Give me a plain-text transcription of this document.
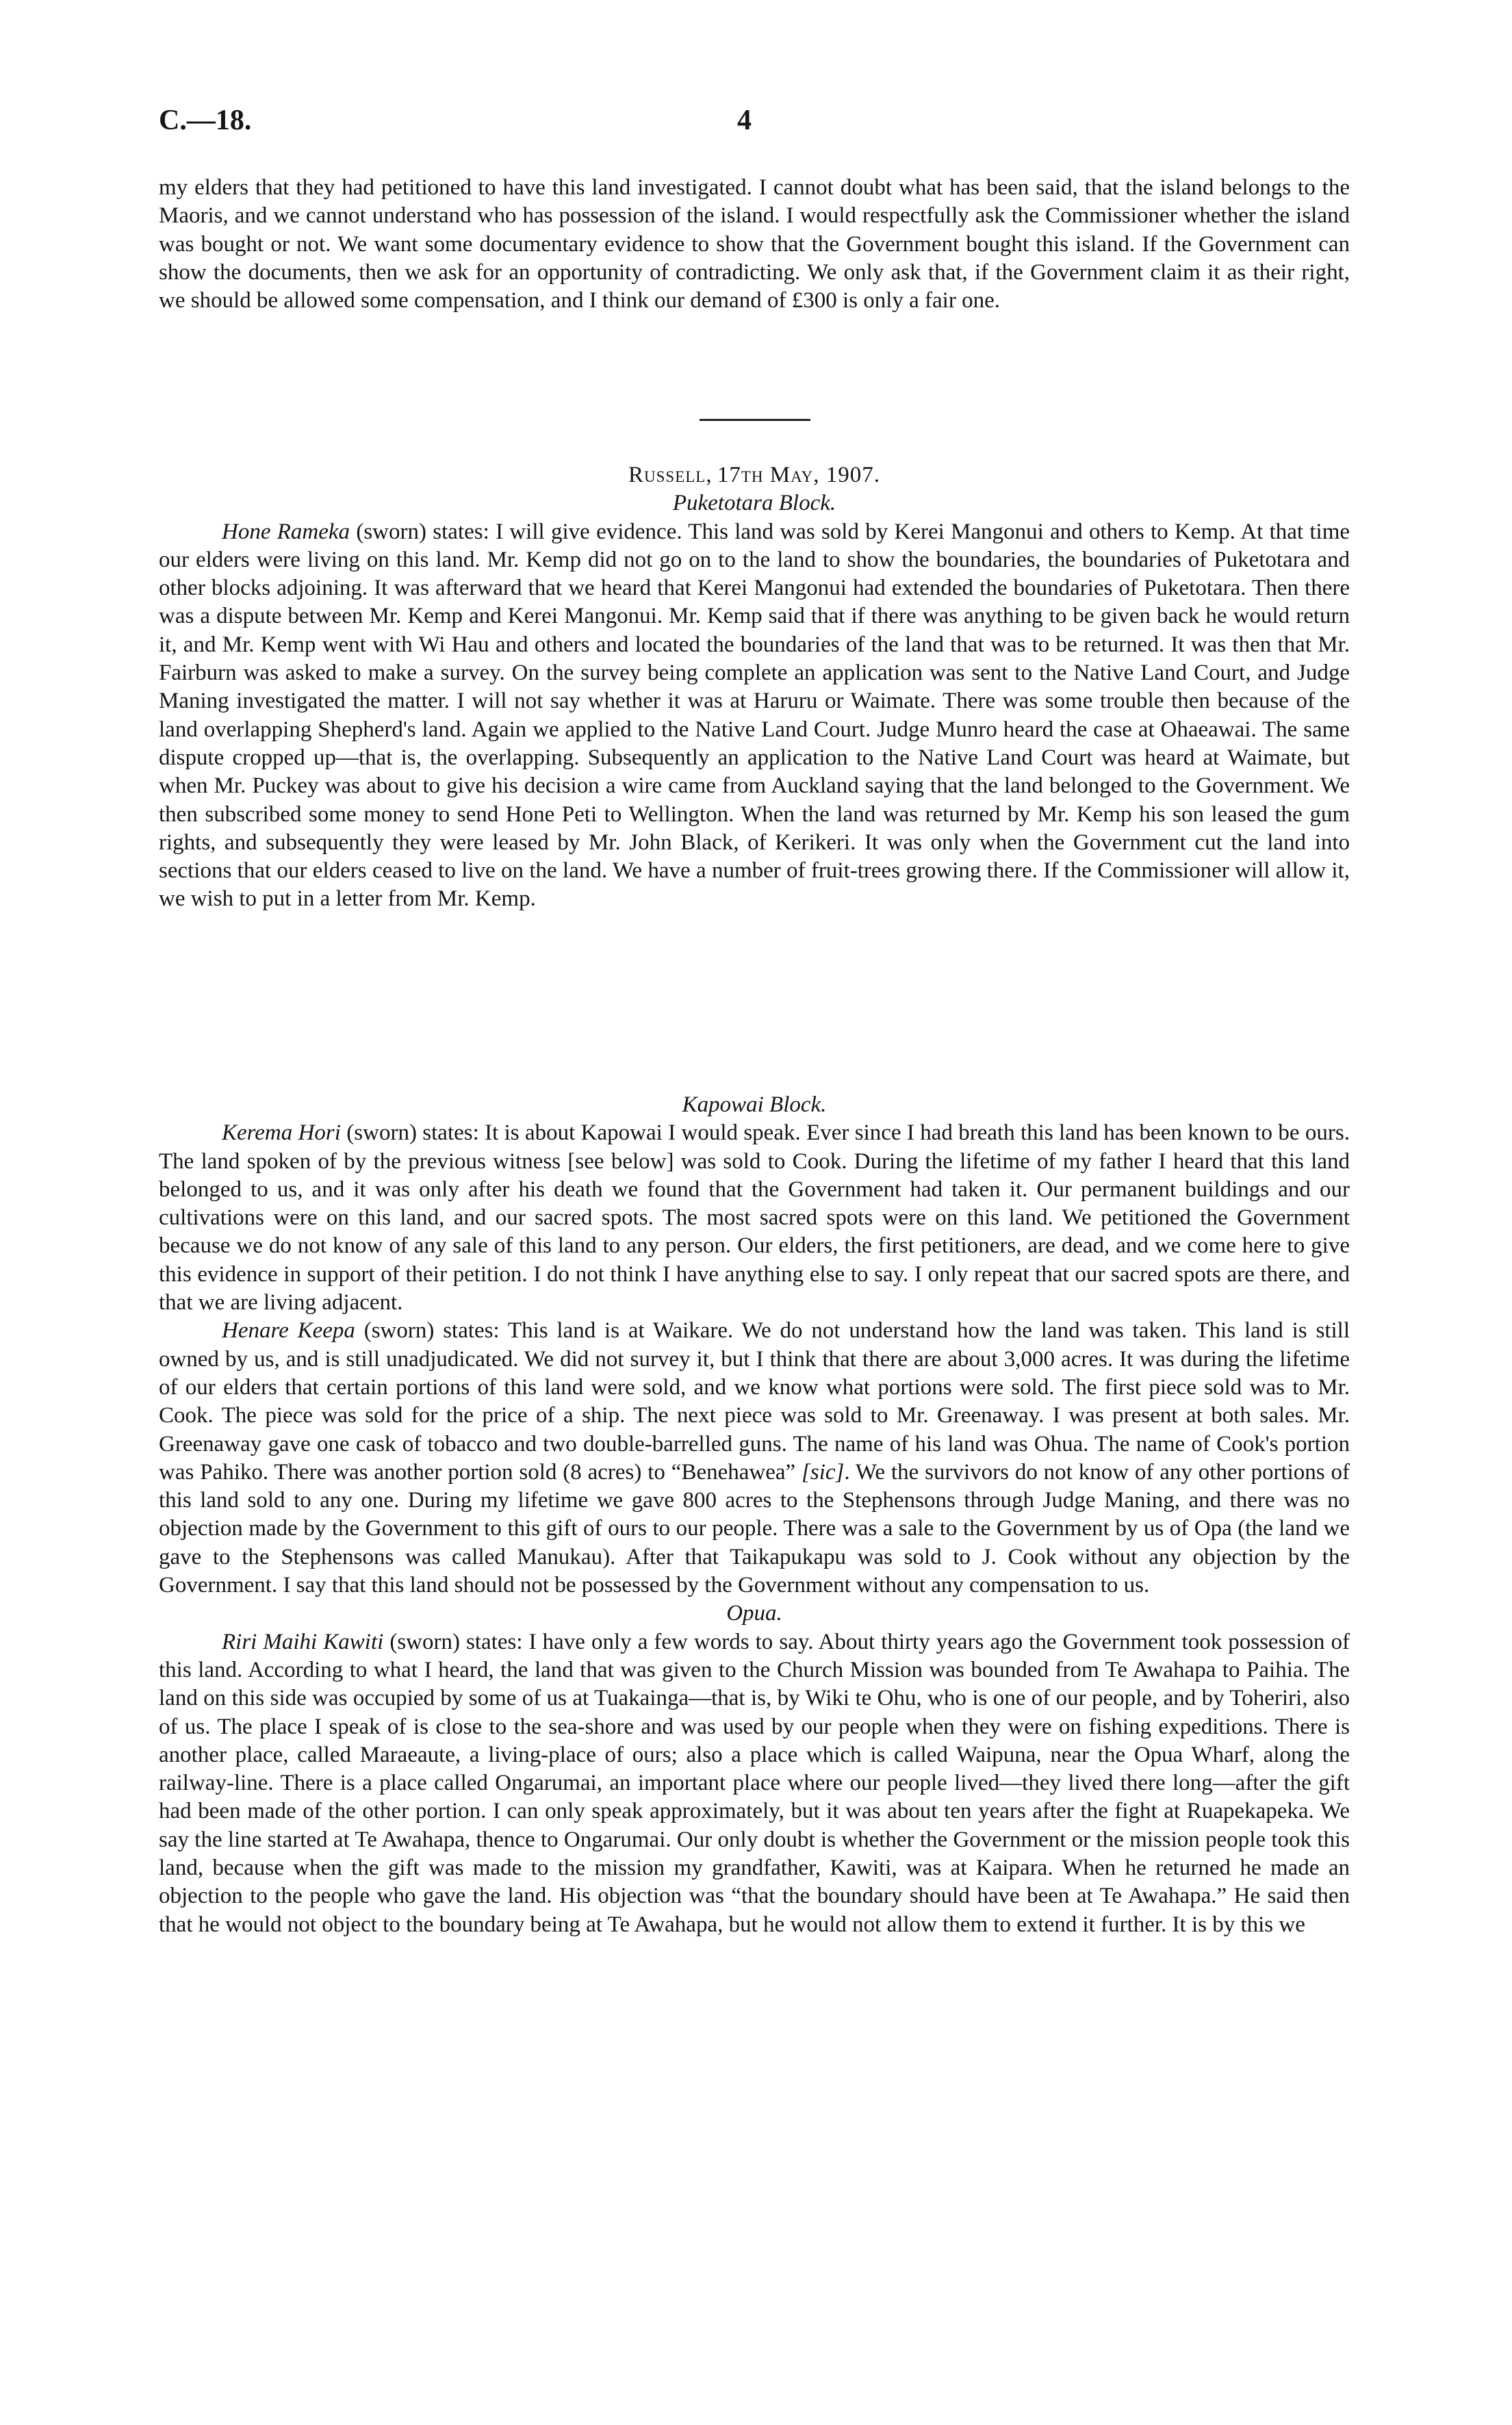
C.—18.	4

my elders that they had petitioned to have this land investigated. I cannot doubt what has been said, that the island belongs to the Maoris, and we cannot understand who has possession of the island. I would respectfully ask the Commissioner whether the island was bought or not. We want some documentary evidence to show that the Government bought this island. If the Government can show the documents, then we ask for an opportunity of contradicting. We only ask that, if the Government claim it as their right, we should be allowed some compensation, and I think our demand of £300 is only a fair one.

Russell, 17th May, 1907.

Puketotara Block.

Hone Rameka (sworn) states: I will give evidence. This land was sold by Kerei Mangonui and others to Kemp. At that time our elders were living on this land. Mr. Kemp did not go on to the land to show the boundaries, the boundaries of Puketotara and other blocks adjoining. It was afterward that we heard that Kerei Mangonui had extended the boundaries of Puketotara. Then there was a dispute between Mr. Kemp and Kerei Mangonui. Mr. Kemp said that if there was anything to be given back he would return it, and Mr. Kemp went with Wi Hau and others and located the boundaries of the land that was to be returned. It was then that Mr. Fairburn was asked to make a survey. On the survey being complete an application was sent to the Native Land Court, and Judge Maning investigated the matter. I will not say whether it was at Haruru or Waimate. There was some trouble then because of the land overlapping Shepherd's land. Again we applied to the Native Land Court. Judge Munro heard the case at Ohaeawai. The same dispute cropped up—that is, the overlapping. Subsequently an application to the Native Land Court was heard at Waimate, but when Mr. Puckey was about to give his decision a wire came from Auckland saying that the land belonged to the Government. We then subscribed some money to send Hone Peti to Wellington. When the land was returned by Mr. Kemp his son leased the gum rights, and subsequently they were leased by Mr. John Black, of Kerikeri. It was only when the Government cut the land into sections that our elders ceased to live on the land. We have a number of fruit-trees growing there. If the Commissioner will allow it, we wish to put in a letter from Mr. Kemp.

Kapowai Block.

Kerema Hori (sworn) states: It is about Kapowai I would speak. Ever since I had breath this land has been known to be ours. The land spoken of by the previous witness [see below] was sold to Cook. During the lifetime of my father I heard that this land belonged to us, and it was only after his death we found that the Government had taken it. Our permanent buildings and our cultivations were on this land, and our sacred spots. The most sacred spots were on this land. We petitioned the Government because we do not know of any sale of this land to any person. Our elders, the first petitioners, are dead, and we come here to give this evidence in support of their petition. I do not think I have anything else to say. I only repeat that our sacred spots are there, and that we are living adjacent.

Henare Keepa (sworn) states: This land is at Waikare. We do not understand how the land was taken. This land is still owned by us, and is still unadjudicated. We did not survey it, but I think that there are about 3,000 acres. It was during the lifetime of our elders that certain portions of this land were sold, and we know what portions were sold. The first piece sold was to Mr. Cook. The piece was sold for the price of a ship. The next piece was sold to Mr. Greenaway. I was present at both sales. Mr. Greenaway gave one cask of tobacco and two double-barrelled guns. The name of his land was Ohua. The name of Cook's portion was Pahiko. There was another portion sold (8 acres) to “Benehawea” [sic]. We the survivors do not know of any other portions of this land sold to any one. During my lifetime we gave 800 acres to the Stephensons through Judge Maning, and there was no objection made by the Government to this gift of ours to our people. There was a sale to the Government by us of Opa (the land we gave to the Stephensons was called Manukau). After that Taikapukapu was sold to J. Cook without any objection by the Government. I say that this land should not be possessed by the Government without any compensation to us.

Opua.

Riri Maihi Kawiti (sworn) states: I have only a few words to say. About thirty years ago the Government took possession of this land. According to what I heard, the land that was given to the Church Mission was bounded from Te Awahapa to Paihia. The land on this side was occupied by some of us at Tuakainga—that is, by Wiki te Ohu, who is one of our people, and by Toheriri, also of us. The place I speak of is close to the sea-shore and was used by our people when they were on fishing expeditions. There is another place, called Maraeaute, a living-place of ours; also a place which is called Waipuna, near the Opua Wharf, along the railway-line. There is a place called Ongarumai, an important place where our people lived—they lived there long—after the gift had been made of the other portion. I can only speak approximately, but it was about ten years after the fight at Ruapekapeka. We say the line started at Te Awahapa, thence to Ongarumai. Our only doubt is whether the Government or the mission people took this land, because when the gift was made to the mission my grandfather, Kawiti, was at Kaipara. When he returned he made an objection to the people who gave the land. His objection was “that the boundary should have been at Te Awahapa.” He said then that he would not object to the boundary being at Te Awahapa, but he would not allow them to extend it further. It is by this we
